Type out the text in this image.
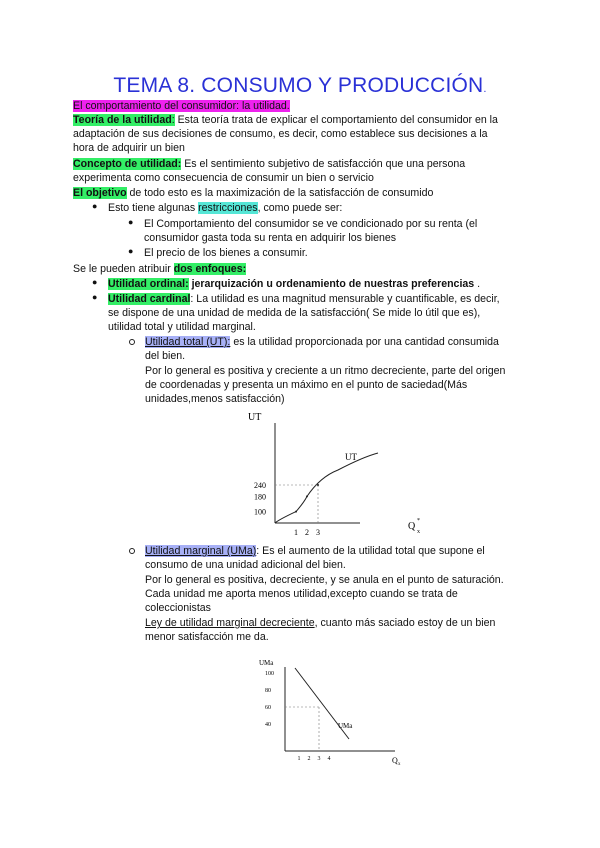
TEMA 8. CONSUMO Y PRODUCCIÓN.
El comportamiento del consumidor: la utilidad.
Teoría de la utilidad: Esta teoría trata de explicar el comportamiento del consumidor en la
adaptación de sus decisiones de consumo, es decir, como establece sus decisiones a la
hora de adquirir un bien
Concepto de utilidad: Es el sentimiento subjetivo de satisfacción que una persona
experimenta como consecuencia de consumir un bien o servicio
El objetivo de todo esto es la maximización de la satisfacción de consumido
● Esto tiene algunas restricciones, como puede ser:
● El Comportamiento del consumidor se ve condicionado por su renta (el
consumidor gasta toda su renta en adquirir los bienes
● El precio de los bienes a consumir.
Se le pueden atribuir dos enfoques:
● Utilidad ordinal: jerarquización u ordenamiento de nuestras preferencias .
● Utilidad cardinal: La utilidad es una magnitud mensurable y cuantificable, es decir,
se dispone de una unidad de medida de la satisfacción( Se mide lo útil que es),
utilidad total y utilidad marginal.
Utilidad total (UT): es la utilidad proporcionada por una cantidad consumida
del bien.
Por lo general es positiva y creciente a un ritmo decreciente, parte del origen
de coordenadas y presenta un máximo en el punto de saciedad(Más
unidades,menos satisfacción)
UT
240
180
100
1 2 3
UT
Q *
x
Utilidad marginal (UMa): Es el aumento de la utilidad total que supone el
consumo de una unidad adicional del bien.
Por lo general es positiva, decreciente, y se anula en el punto de saturación.
Cada unidad me aporta menos utilidad,excepto cuando se trata de
coleccionistas
Ley de utilidad marginal decreciente, cuanto más saciado estoy de un bien
menor satisfacción me da.
UMa
100
80
60
40
1 2 3 4
UMa
Q x
